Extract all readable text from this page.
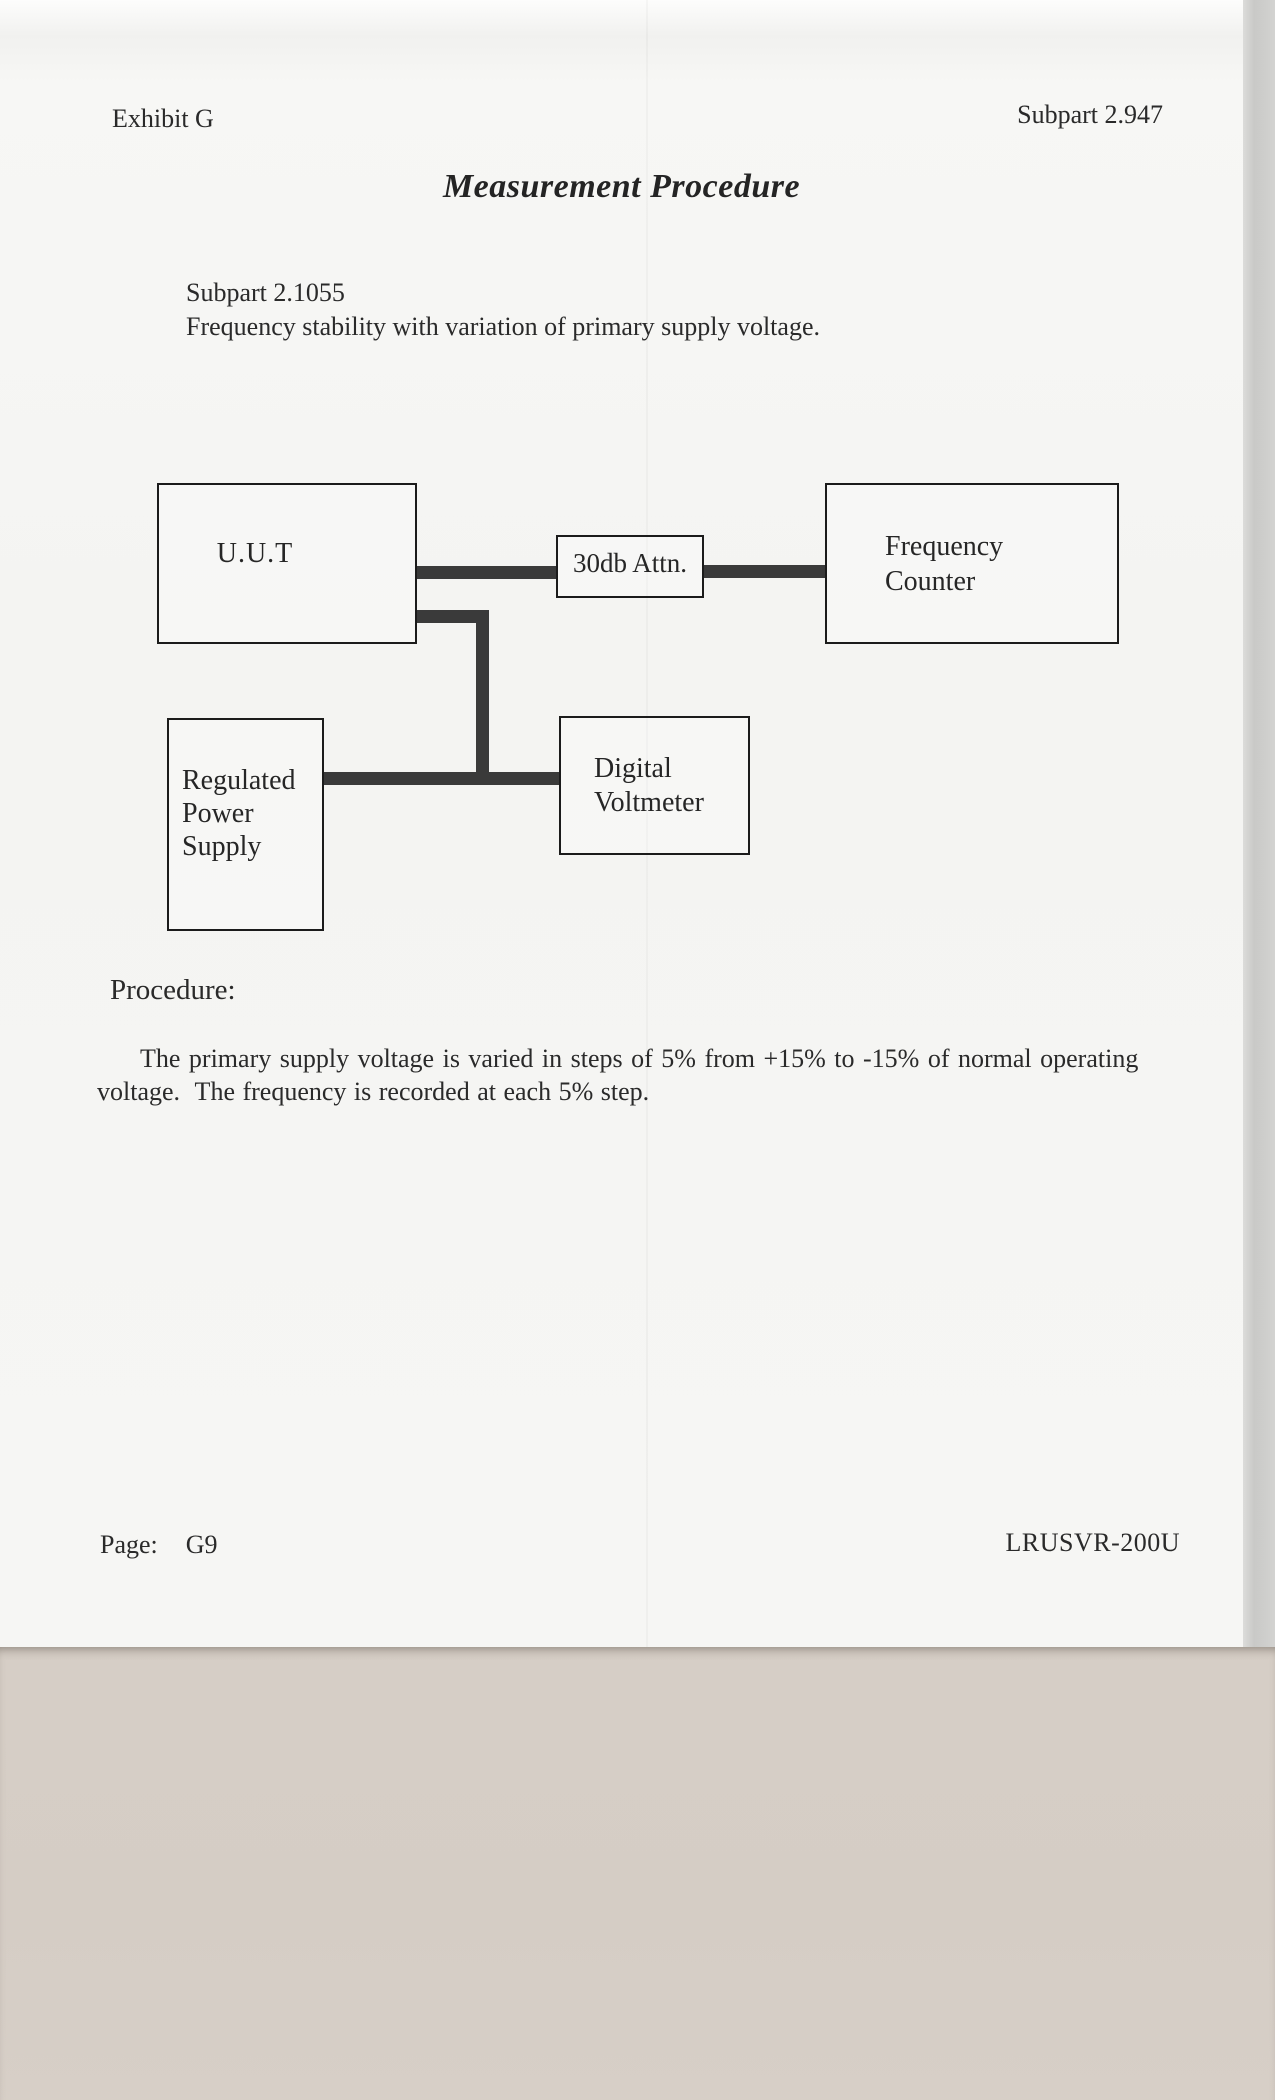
Exhibit G	Subpart 2.947
Measurement Procedure
Subpart 2.1055
Frequency stability with variation of primary supply voltage.
U.U.T	30db Attn.
Frequency
Counter
Regulated
Power
Supply
Digital
Voltmeter
Procedure:
The primary supply voltage is varied in steps of 5% from +15% to -15% of normal operating
voltage.  The frequency is recorded at each 5% step.
Page: G9	LRUSVR-200U
